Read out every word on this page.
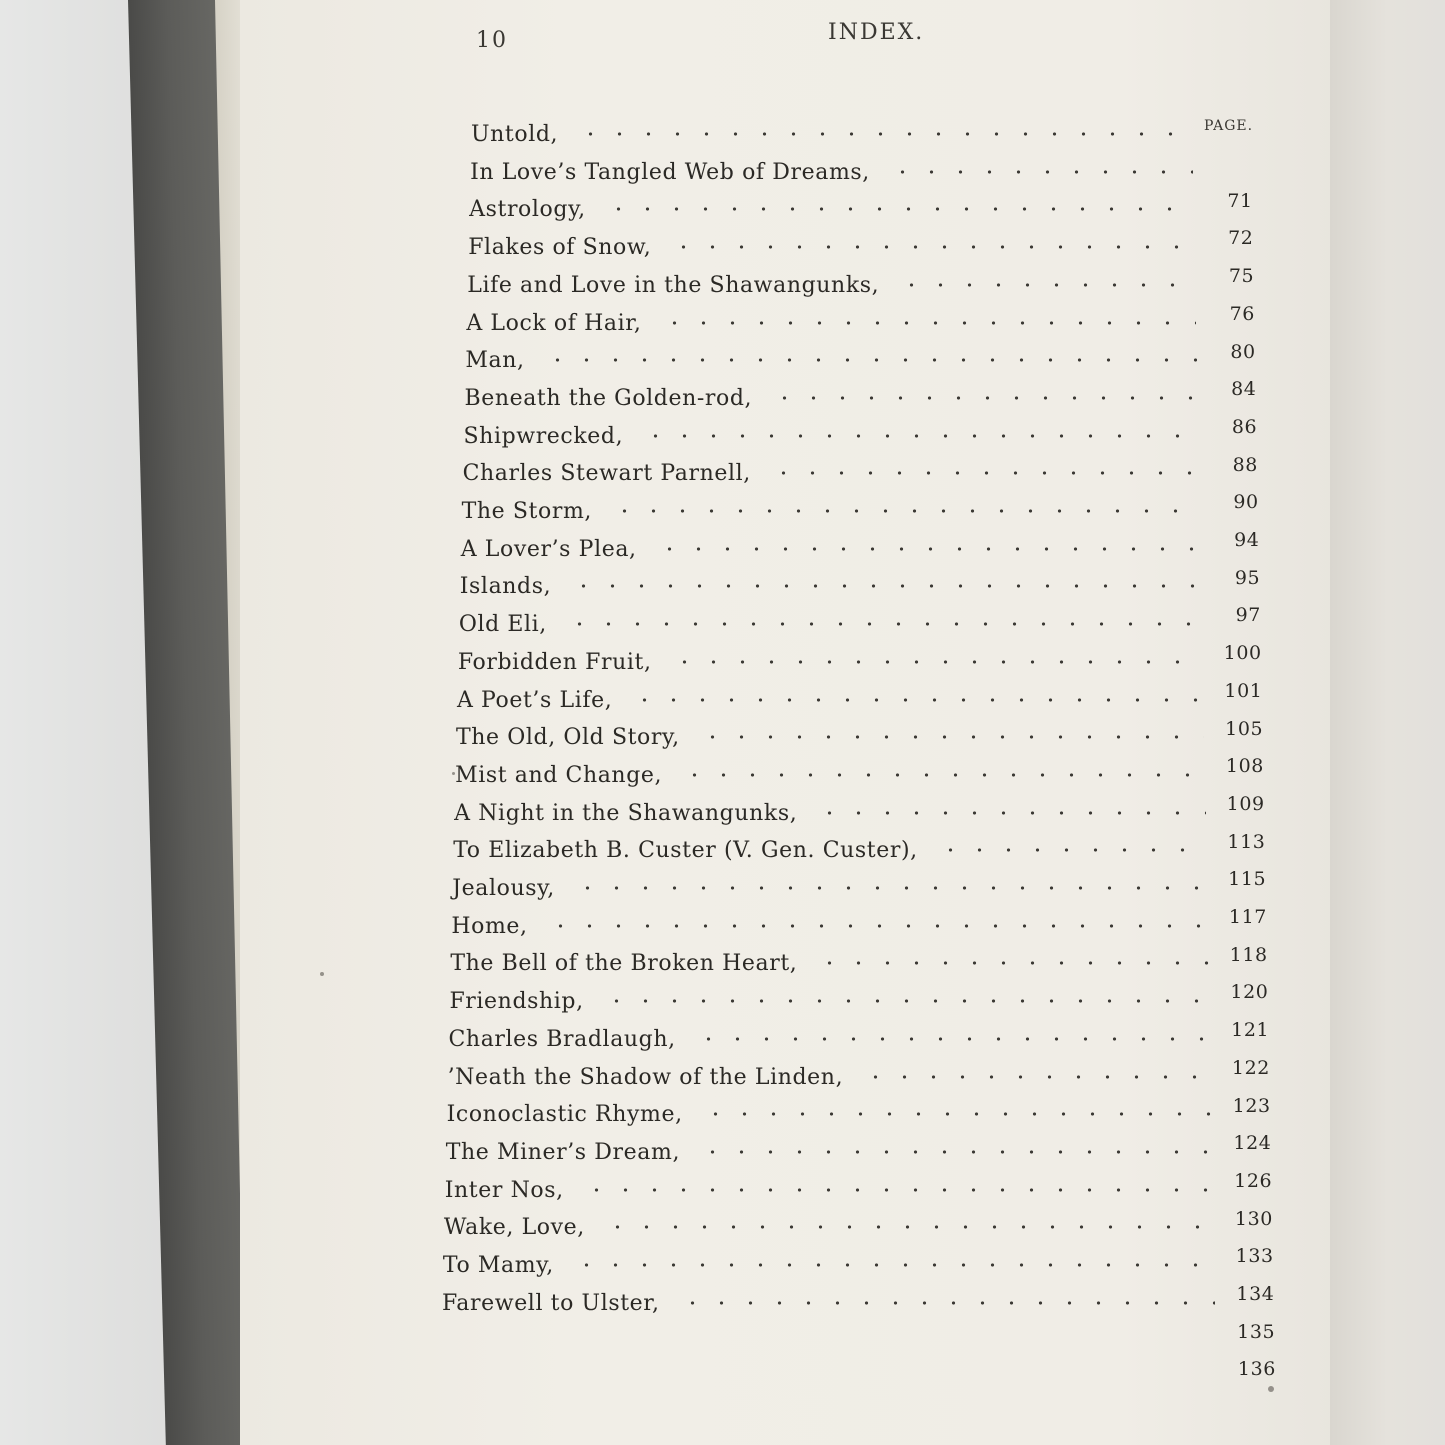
10	INDEX.
PAGE.
Untold,
In Love’s Tangled Web of Dreams,
71
Astrology,
72
Flakes of Snow,
75
Life and Love in the Shawangunks,
76
A Lock of Hair,
80
Man,
84
Beneath the Golden-rod,
86
Shipwrecked,
88
Charles Stewart Parnell,
90
The Storm,
94
A Lover’s Plea,
95
Islands,
97
Old Eli,
100
Forbidden Fruit,
101
A Poet’s Life,
105
The Old, Old Story,
108
Mist and Change,
109
A Night in the Shawangunks,
113
To Elizabeth B. Custer (V. Gen. Custer),
115
Jealousy,
117
Home,
118
The Bell of the Broken Heart,
120
Friendship,
121
Charles Bradlaugh,
122
’Neath the Shadow of the Linden,
123
Iconoclastic Rhyme,
124
The Miner’s Dream,
126
Inter Nos,
130
Wake, Love,
133
To Mamy,
134
Farewell to Ulster,
135
136
